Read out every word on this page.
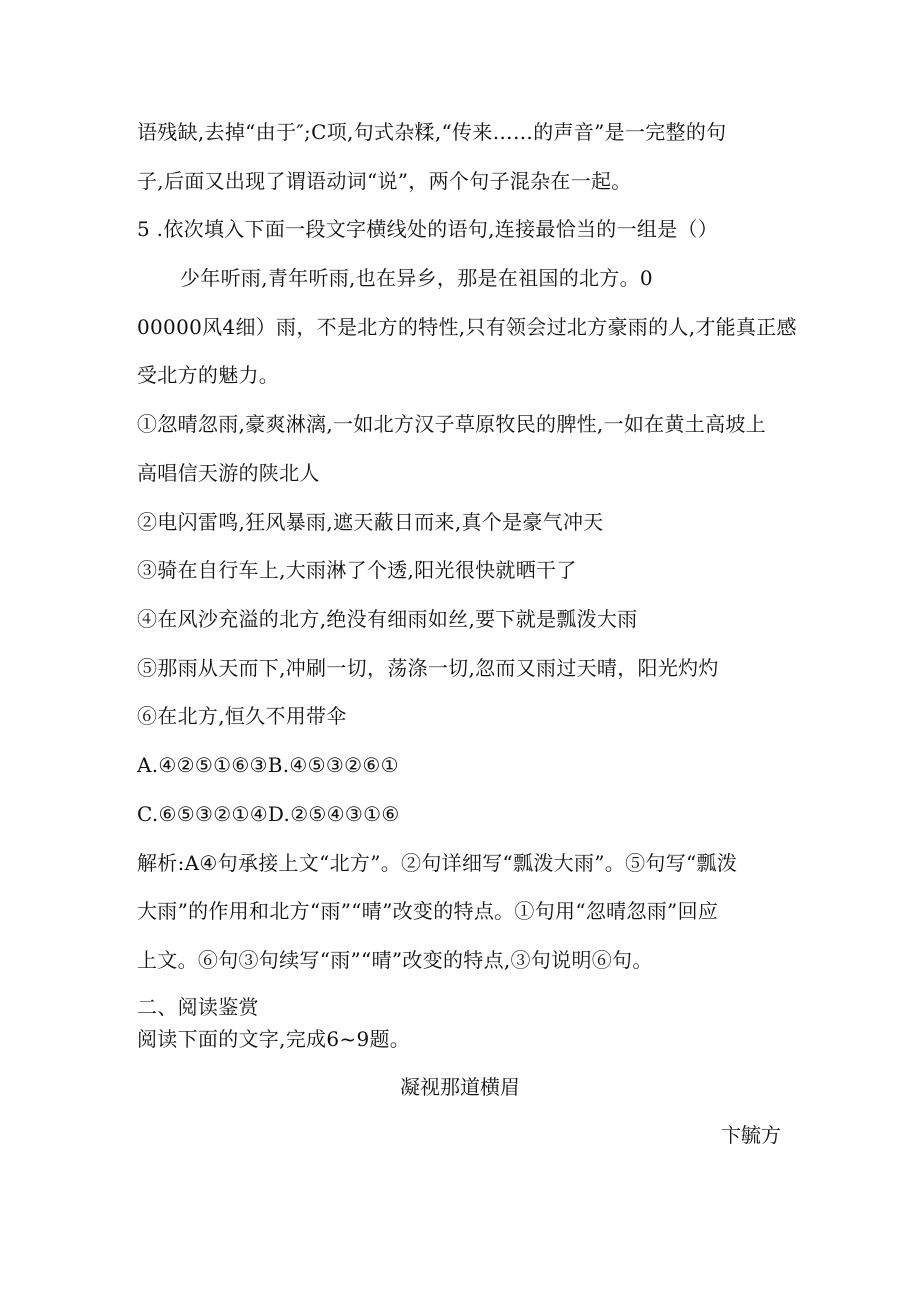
语残缺,去掉“由于″;C项,句式杂糅,“传来……的声音”是一完整的句
子,后面又出现了谓语动词“说”，两个句子混杂在一起。
5 .依次填入下面一段文字横线处的语句,连接最恰当的一组是（）
少年听雨,青年听雨,也在异乡，那是在祖国的北方。0
00000风4细）雨，不是北方的特性,只有领会过北方豪雨的人,才能真正感
受北方的魅力。
①忽晴忽雨,豪爽淋漓,一如北方汉子草原牧民的脾性,一如在黄土高坡上
高唱信天游的陕北人
②电闪雷鸣,狂风暴雨,遮天蔽日而来,真个是豪气冲天
③骑在自行车上,大雨淋了个透,阳光很快就晒干了
④在风沙充溢的北方,绝没有细雨如丝,要下就是瓢泼大雨
⑤那雨从天而下,冲刷一切，荡涤一切,忽而又雨过天晴，阳光灼灼
⑥在北方,恒久不用带伞
A.④②⑤①⑥③B.④⑤③②⑥①
C.⑥⑤③②①④D.②⑤④③①⑥
解析:A④句承接上文“北方”。②句详细写“瓢泼大雨”。⑤句写“瓢泼
大雨”的作用和北方“雨”“晴”改变的特点。①句用“忽晴忽雨”回应
上文。⑥句③句续写“雨”“晴”改变的特点,③句说明⑥句。
二、阅读鉴赏
阅读下面的文字,完成6~9题。
凝视那道横眉
卞毓方
